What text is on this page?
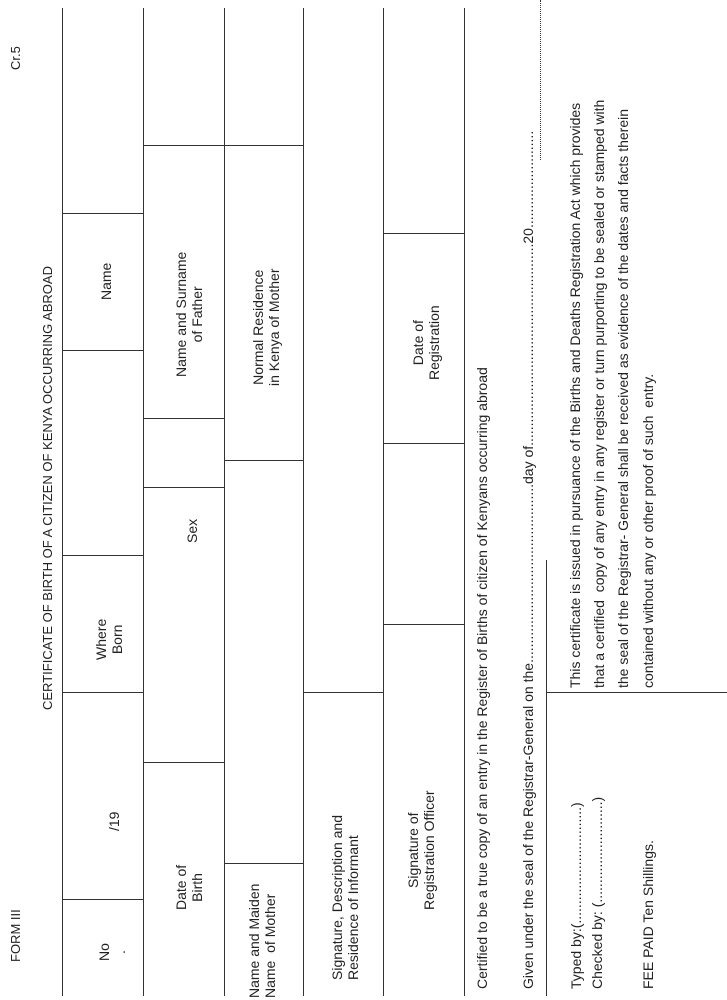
FORM III
Cr.5
CERTIFICATE OF BIRTH OF A CITIZEN OF KENYA OCCURRING ABROAD
No
.
/19
Where
Born
Name
Date of
Birth
Sex
Name and Surname
of Father
Name and Maiden
Name  of Mother
Normal Residence
in Kenya of Mother
Signature, Description and
Residence of Informant	Signature of
Registration Officer
Date of
Registration
Certified to be a true copy of an entry in the Register of Births of citizen of Kenyans occurring abroad Given under the seal of the Registrar-General on the..............................................day of....................................................20......................... Typed by:(..............................) Checked by: (..........................)	FEE PAID Ten Shillings.
This certificate is issued in pursuance of the Births and Deaths Registration Act which provides that a certified  copy of any entry in any register or turn purporting to be sealed or stamped with the seal of the Registrar- General shall be received as evidence of the dates and facts therein contained without any or other proof of such  entry.
